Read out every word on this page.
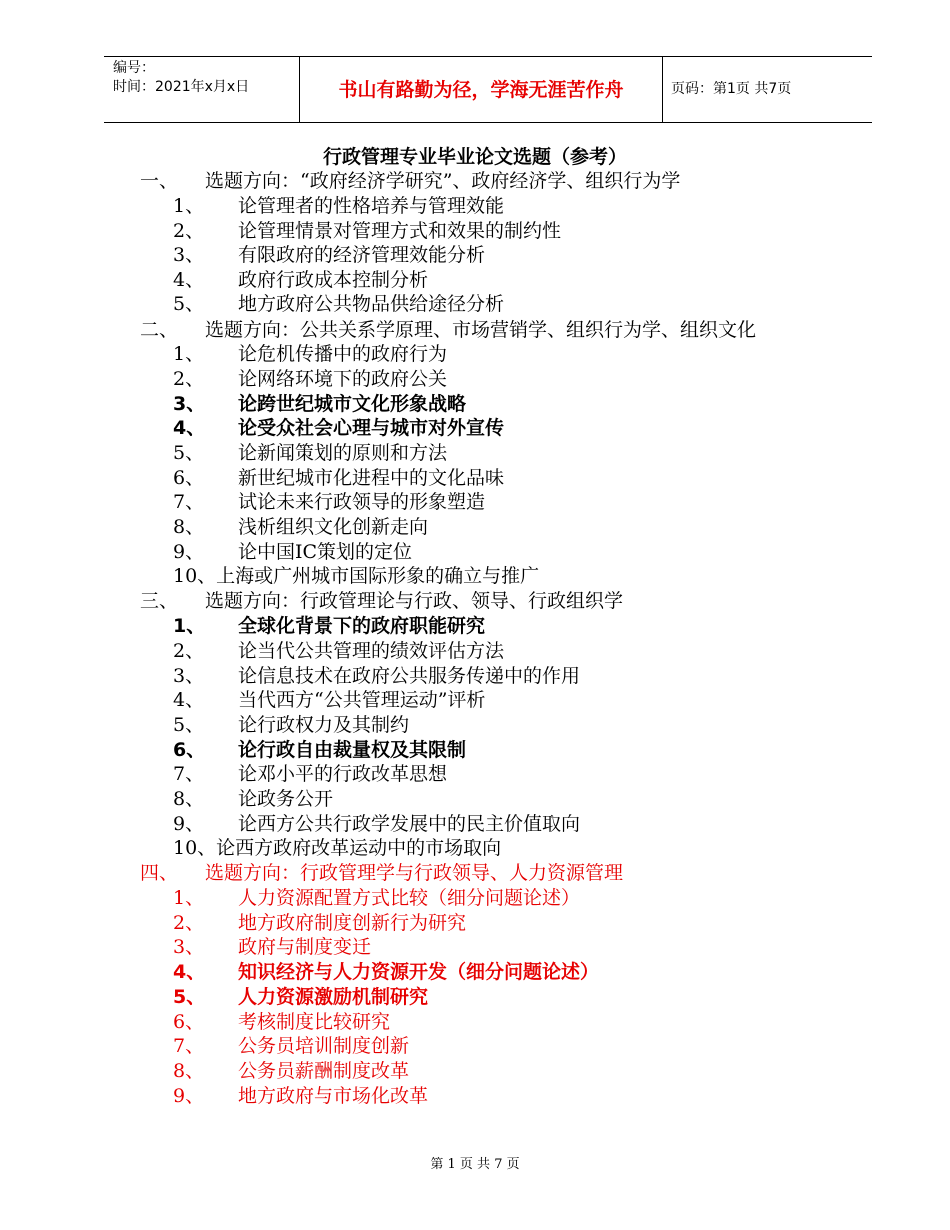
编号：
时间：2021年x月x日	书山有路勤为径，学海无涯苦作舟	页码：第1页 共7页
行政管理专业毕业论文选题（参考）
一、 选题方向：“政府经济学研究”、政府经济学、组织行为学
1、 论管理者的性格培养与管理效能
2、 论管理情景对管理方式和效果的制约性
3、 有限政府的经济管理效能分析
4、 政府行政成本控制分析
5、 地方政府公共物品供给途径分析
二、 选题方向：公共关系学原理、市场营销学、组织行为学、组织文化
1、 论危机传播中的政府行为
2、 论网络环境下的政府公关
3、 论跨世纪城市文化形象战略
4、 论受众社会心理与城市对外宣传
5、 论新闻策划的原则和方法
6、 新世纪城市化进程中的文化品味
7、 试论未来行政领导的形象塑造
8、 浅析组织文化创新走向
9、 论中国IC策划的定位
10、上海或广州城市国际形象的确立与推广
三、 选题方向：行政管理论与行政、领导、行政组织学
1、 全球化背景下的政府职能研究
2、 论当代公共管理的绩效评估方法
3、 论信息技术在政府公共服务传递中的作用
4、 当代西方“公共管理运动”评析
5、 论行政权力及其制约
6、 论行政自由裁量权及其限制
7、 论邓小平的行政改革思想
8、 论政务公开
9、 论西方公共行政学发展中的民主价值取向
10、论西方政府改革运动中的市场取向
四、 选题方向：行政管理学与行政领导、人力资源管理
1、 人力资源配置方式比较（细分问题论述）
2、 地方政府制度创新行为研究
3、 政府与制度变迁
4、 知识经济与人力资源开发（细分问题论述）
5、 人力资源激励机制研究
6、 考核制度比较研究
7、 公务员培训制度创新
8、 公务员薪酬制度改革
9、 地方政府与市场化改革
第 1 页 共 7 页
